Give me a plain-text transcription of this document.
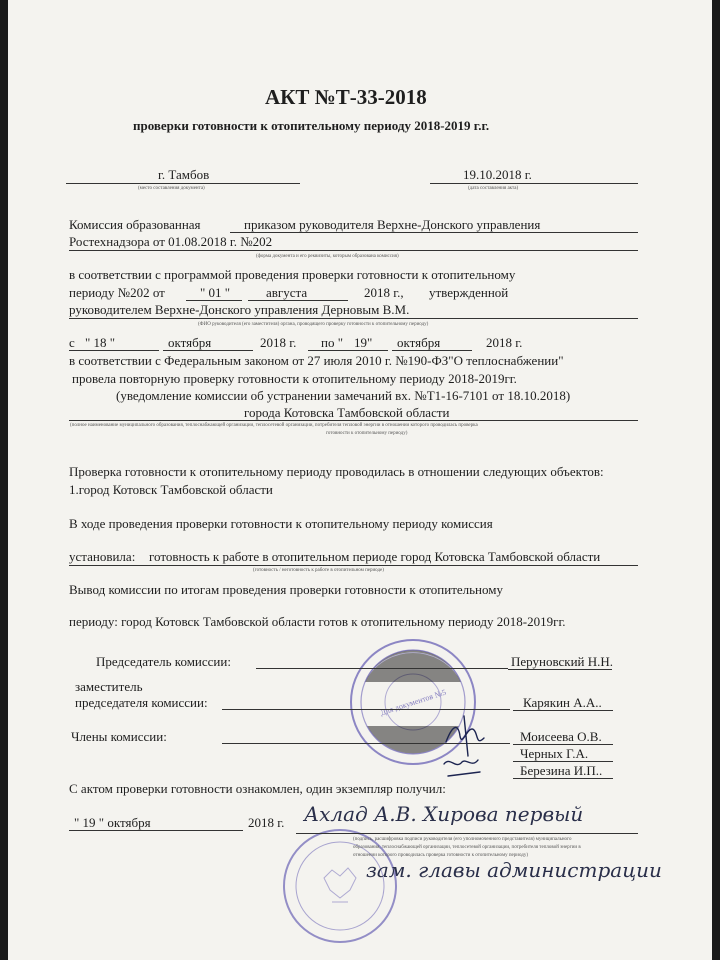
АКТ №Т-33-2018
проверки готовности к отопительному периоду 2018-2019 г.г.
г. Тамбов
(место составления документа)
19.10.2018 г.
(дата составления акта)
Комиссия образованная	приказом руководителя Верхне-Донского управления
Ростехнадзора от 01.08.2018 г. №202
(форма документа и его реквизиты, которым образована комиссия)
в соответствии с программой проведения проверки готовности к отопительному
периоду №202 от	" 01 "	августа	2018 г., утвержденной
руководителем Верхне-Донского управления Дерновым В.М.
(ФИО руководителя (его заместителя) органа, проводящего проверку готовности к отопительному периоду)
с " 18 "	октября	2018 г. по " 19" октября	2018 г.
в соответствии с Федеральным законом от 27 июля 2010 г. №190-ФЗ"О теплоснабжении"
провела повторную проверку готовности к отопительному периоду 2018-2019гг.
(уведомление комиссии об устранении замечаний вх. №Т1-16-7101 от 18.10.2018)
города Котовска Тамбовской области
(полное наименование муниципального образования, теплоснабжающей организации, теплосетевой организации, потребителя тепловой энергии в отношении которого проводилась проверка
готовности к отопительному периоду)
Проверка готовности к отопительному периоду проводилась в отношении следующих объектов:
1.город Котовск Тамбовской области
В ходе проведения проверки готовности к отопительному периоду комиссия
установила: готовность к работе в отопительном периоде город Котовска Тамбовской области
(готовность / неготовность к работе в отопительном периоде)
Вывод комиссии по итогам проведения проверки готовности к отопительному
периоду: город Котовск Тамбовской области готов к отопительному периоду 2018-2019гг.
Для документов №5
Председатель комиссии:	Перуновский Н.Н.
заместитель
председателя комиссии:	Карякин А.А..
Члены комиссии:	Моисеева О.В.
Черных Г.А.
Березина И.П..
С актом проверки готовности ознакомлен, один экземпляр получил:
" 19 " октября	2018 г.
(подпись, расшифровка подписи руководителя (его уполномоченного представителя) муниципального
образования, теплоснабжающей организации, теплосетевой организации, потребителя тепловой энергии в
отношении которого проводилась проверка готовности к отопительному периоду)
Ахлад А.В. Хирова первый
зам. главы администрации
